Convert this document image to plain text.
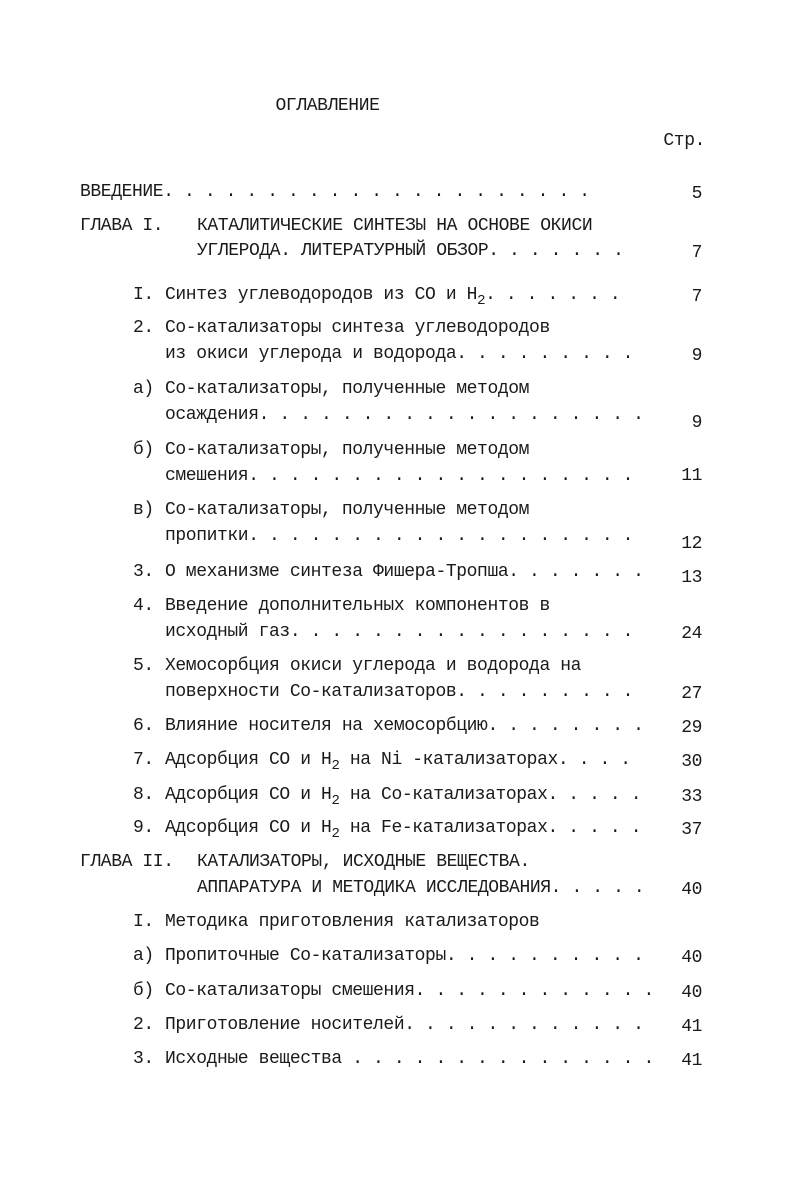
ОГЛАВЛЕНИЕ
Стр.
ВВЕДЕНИЕ. . . . . . . . . . . . . . . . . . . . .	5
ГЛАВА I. КАТАЛИТИЧЕСКИЕ СИНТЕЗЫ НА ОСНОВЕ ОКИСИ
УГЛЕРОДА. ЛИТЕРАТУРНЫЙ ОБЗОР. . . . . . .	7
I. Синтез углеводородов из СО и $Н_2$. . . . . . .	7
2. Со-катализаторы синтеза углеводородов
из окиси углерода и водорода. . . . . . . . .	9
а) Со-катализаторы, полученные методом
осаждения. . . . . . . . . . . . . . . . . . .	9
б) Со-катализаторы, полученные методом
смешения. . . . . . . . . . . . . . . . . . .	11
в) Со-катализаторы, полученные методом
пропитки. . . . . . . . . . . . . . . . . . .	12
3. О механизме синтеза Фишера-Тропша. . . . . . .	13
4. Введение дополнительных компонентов в
исходный газ. . . . . . . . . . . . . . . . .	24
5. Хемосорбция окиси углерода и водорода на
поверхности Со-катализаторов. . . . . . . . .	27
6. Влияние носителя на хемосорбцию. . . . . . . .	29
7. Адсорбция СО и $Н_2$ на Ni -катализаторах. . . .	30
8. Адсорбция СО и $Н_2$ на Со-катализаторах. . . . .	33
9. Адсорбция СО и $Н_2$ на Fe-катализаторах. . . . .	37
ГЛАВА II. КАТАЛИЗАТОРЫ, ИСХОДНЫЕ ВЕЩЕСТВА.
АППАРАТУРА И МЕТОДИКА ИССЛЕДОВАНИЯ. . . . .	40
I. Методика приготовления катализаторов
а) Пропиточные Со-катализаторы. . . . . . . . . .	40
б) Со-катализаторы смешения. . . . . . . . . . . .	40
2. Приготовление носителей. . . . . . . . . . . .	41
3. Исходные вещества . . . . . . . . . . . . . . .	41
